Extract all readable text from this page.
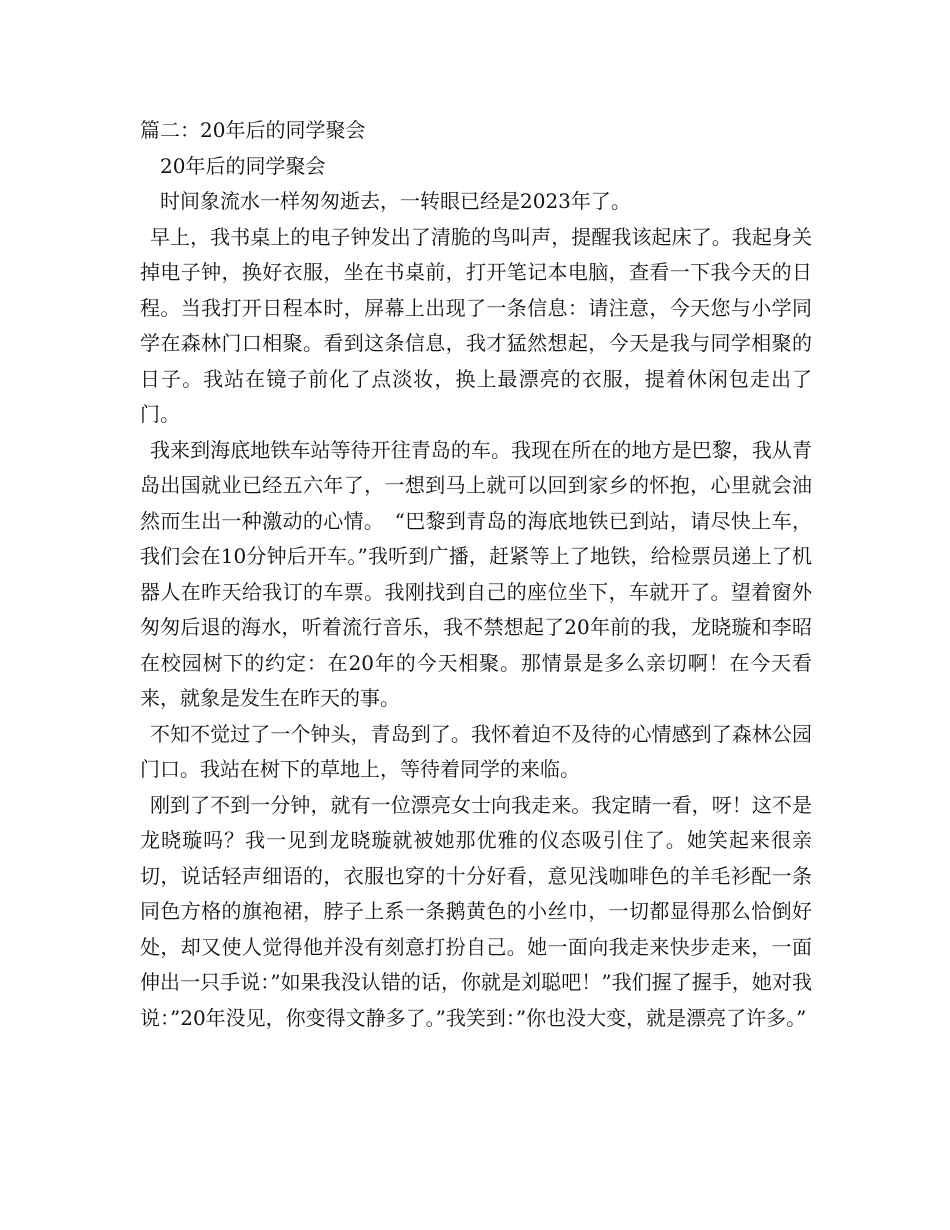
篇二：20年后的同学聚会

20年后的同学聚会

时间象流水一样匆匆逝去，一转眼已经是2023年了。

早上，我书桌上的电子钟发出了清脆的鸟叫声，提醒我该起床了。我起身关掉电子钟，换好衣服，坐在书桌前，打开笔记本电脑，查看一下我今天的日程。当我打开日程本时，屏幕上出现了一条信息：请注意，今天您与小学同学在森林门口相聚。看到这条信息，我才猛然想起，今天是我与同学相聚的日子。我站在镜子前化了点淡妆，换上最漂亮的衣服，提着休闲包走出了门。

我来到海底地铁车站等待开往青岛的车。我现在所在的地方是巴黎，我从青岛出国就业已经五六年了，一想到马上就可以回到家乡的怀抱，心里就会油然而生出一种激动的心情。　“巴黎到青岛的海底地铁已到站，请尽快上车，我们会在10分钟后开车。”我听到广播，赶紧等上了地铁，给检票员递上了机器人在昨天给我订的车票。我刚找到自己的座位坐下，车就开了。望着窗外匆匆后退的海水，听着流行音乐，我不禁想起了20年前的我，龙晓璇和李昭在校园树下的约定：在20年的今天相聚。那情景是多么亲切啊！在今天看来，就象是发生在昨天的事。

不知不觉过了一个钟头，青岛到了。我怀着迫不及待的心情感到了森林公园门口。我站在树下的草地上，等待着同学的来临。

刚到了不到一分钟，就有一位漂亮女士向我走来。我定睛一看，呀！这不是龙晓璇吗？我一见到龙晓璇就被她那优雅的仪态吸引住了。她笑起来很亲切，说话轻声细语的，衣服也穿的十分好看，意见浅咖啡色的羊毛衫配一条同色方格的旗袍裙，脖子上系一条鹅黄色的小丝巾，一切都显得那么恰倒好处，却又使人觉得他并没有刻意打扮自己。她一面向我走来快步走来，一面伸出一只手说：”如果我没认错的话，你就是刘聪吧！”我们握了握手，她对我说：”20年没见，你变得文静多了。”我笑到：”你也没大变，就是漂亮了许多。”
